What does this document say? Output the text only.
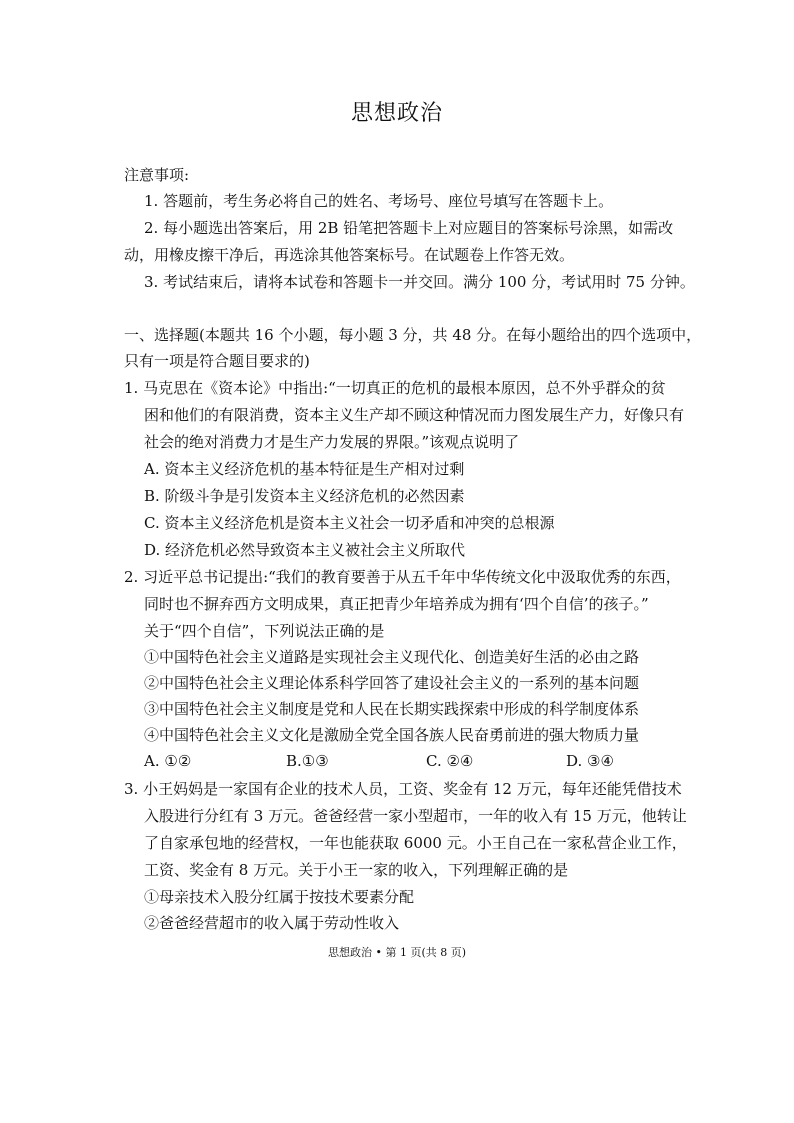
思想政治
注意事项:
1. 答题前，考生务必将自己的姓名、考场号、座位号填写在答题卡上。
2. 每小题选出答案后，用 2B 铅笔把答题卡上对应题目的答案标号涂黑，如需改
动，用橡皮擦干净后，再选涂其他答案标号。在试题卷上作答无效。
3. 考试结束后，请将本试卷和答题卡一并交回。满分 100 分，考试用时 75 分钟。
一、选择题(本题共 16 个小题，每小题 3 分，共 48 分。在每小题给出的四个选项中，
只有一项是符合题目要求的)
1. 马克思在《资本论》中指出:“一切真正的危机的最根本原因，总不外乎群众的贫
困和他们的有限消费，资本主义生产却不顾这种情况而力图发展生产力，好像只有
社会的绝对消费力才是生产力发展的界限。”该观点说明了
A. 资本主义经济危机的基本特征是生产相对过剩
B. 阶级斗争是引发资本主义经济危机的必然因素
C. 资本主义经济危机是资本主义社会一切矛盾和冲突的总根源
D. 经济危机必然导致资本主义被社会主义所取代
2. 习近平总书记提出:“我们的教育要善于从五千年中华传统文化中汲取优秀的东西，
同时也不摒弃西方文明成果，真正把青少年培养成为拥有‘四个自信’的孩子。”
关于“四个自信”，下列说法正确的是
①中国特色社会主义道路是实现社会主义现代化、创造美好生活的必由之路
②中国特色社会主义理论体系科学回答了建设社会主义的一系列的基本问题
③中国特色社会主义制度是党和人民在长期实践探索中形成的科学制度体系
④中国特色社会主义文化是激励全党全国各族人民奋勇前进的强大物质力量
A. ①②	B.①③	C. ②④	D. ③④
3. 小王妈妈是一家国有企业的技术人员，工资、奖金有 12 万元，每年还能凭借技术
入股进行分红有 3 万元。爸爸经营一家小型超市，一年的收入有 15 万元，他转让
了自家承包地的经营权，一年也能获取 6000 元。小王自己在一家私营企业工作，
工资、奖金有 8 万元。关于小王一家的收入，下列理解正确的是
①母亲技术入股分红属于按技术要素分配
②爸爸经营超市的收入属于劳动性收入
思想政治 • 第 1 页(共 8 页)
